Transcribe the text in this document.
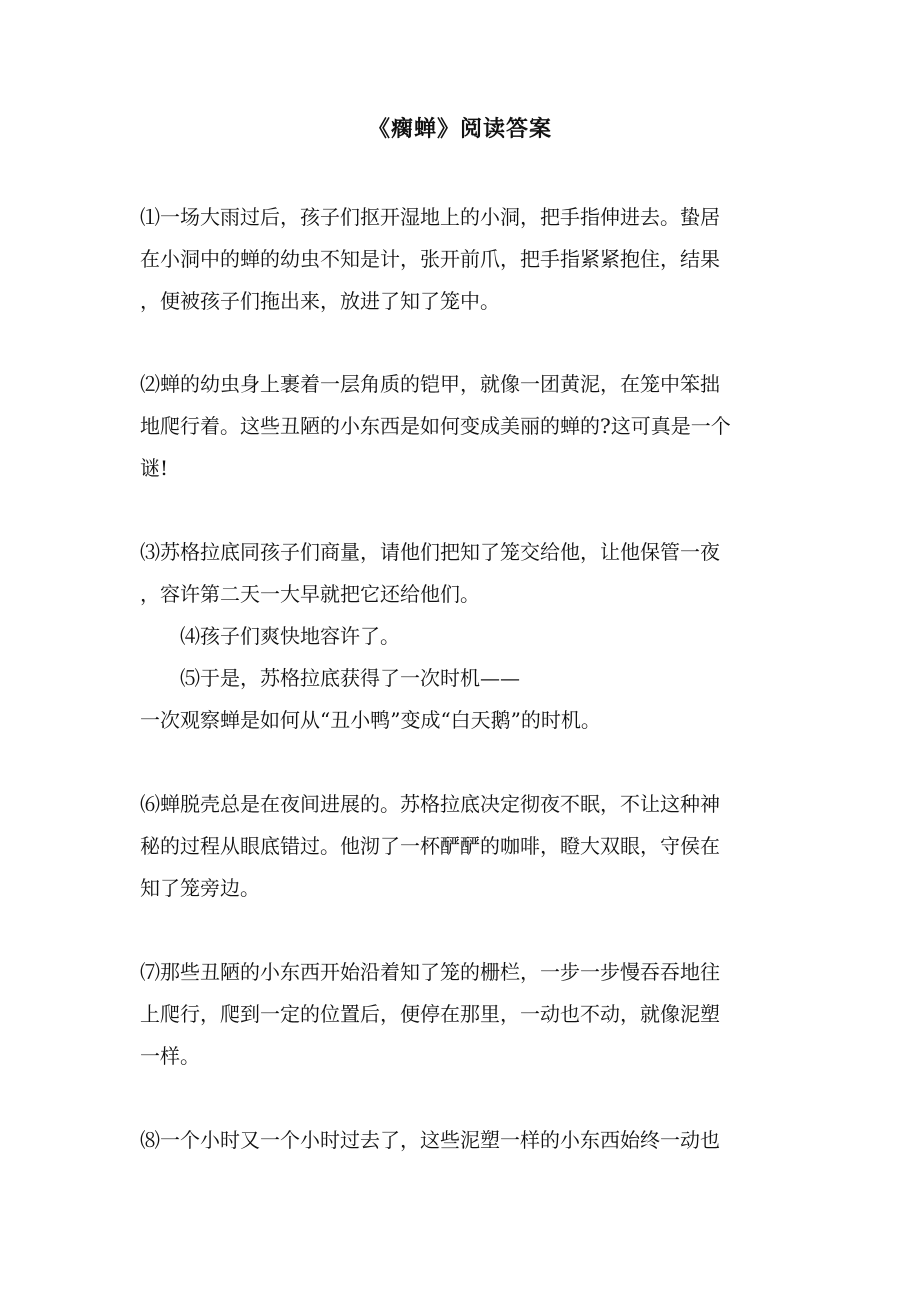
《瘸蝉》阅读答案
⑴一场大雨过后，孩子们抠开湿地上的小洞，把手指伸进去。蛰居
在小洞中的蝉的幼虫不知是计，张开前爪，把手指紧紧抱住，结果
，便被孩子们拖出来，放进了知了笼中。
⑵蝉的幼虫身上裹着一层角质的铠甲，就像一团黄泥，在笼中笨拙
地爬行着。这些丑陋的小东西是如何变成美丽的蝉的?这可真是一个
谜!
⑶苏格拉底同孩子们商量，请他们把知了笼交给他，让他保管一夜
，容许第二天一大早就把它还给他们。
⑷孩子们爽快地容许了。
⑸于是，苏格拉底获得了一次时机——
一次观察蝉是如何从“丑小鸭”变成“白天鹅”的时机。
⑹蝉脱壳总是在夜间进展的。苏格拉底决定彻夜不眠，不让这种神
秘的过程从眼底错过。他沏了一杯酽酽的咖啡，瞪大双眼，守侯在
知了笼旁边。
⑺那些丑陋的小东西开始沿着知了笼的栅栏，一步一步慢吞吞地往
上爬行，爬到一定的位置后，便停在那里，一动也不动，就像泥塑
一样。
⑻一个小时又一个小时过去了，这些泥塑一样的小东西始终一动也
